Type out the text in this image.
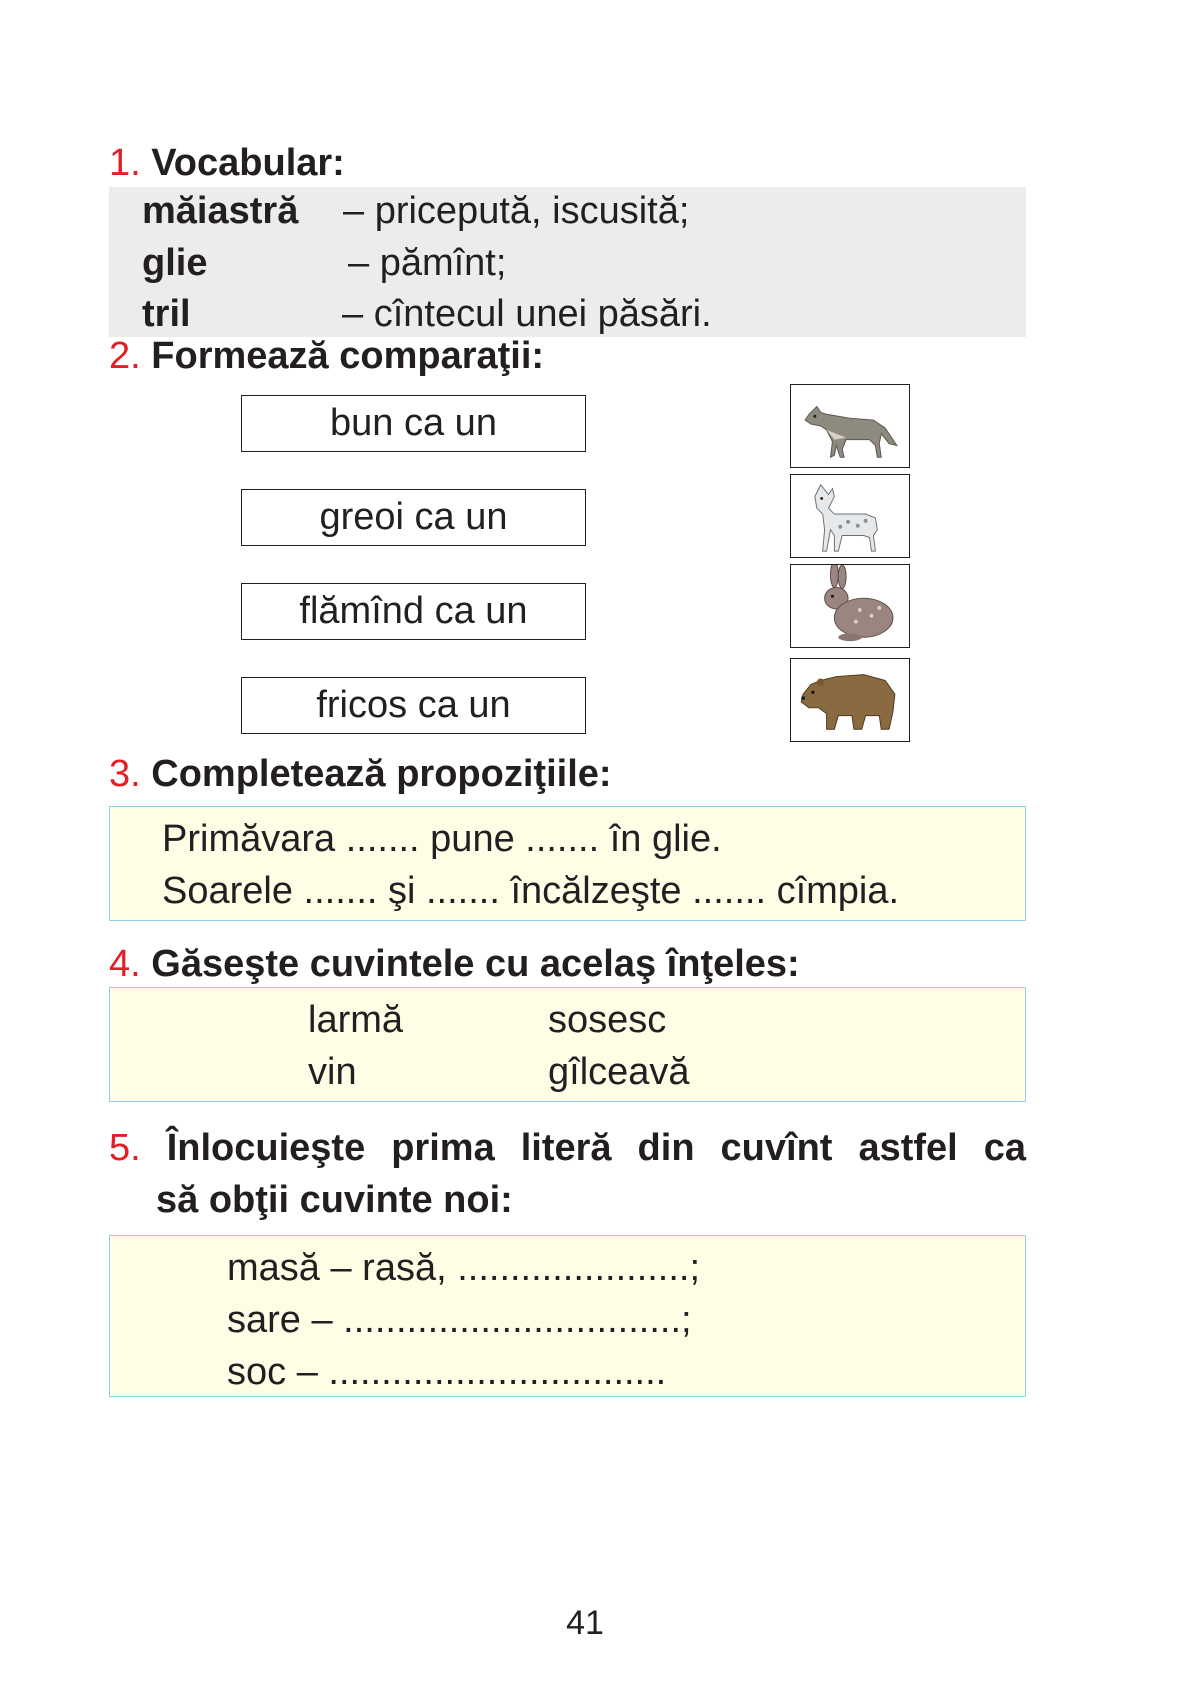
1. Vocabular:
măiastră – pricepută, iscusită;
glie	– pămînt;
tril	– cîntecul unei păsări.
2. Formează comparaţii:
bun ca un
greoi ca un
flămînd ca un
fricos ca un
3. Completează propoziţiile:
Primăvara ....... pune ....... în glie.
Soarele ....... şi ....... încălzeşte ....... cîmpia.
4. Găseşte cuvintele cu acelaş înţeles:
larmă
vin
sosesc
gîlceavă
5. Înlocuieşte prima literă din cuvînt astfel ca
să obţii cuvinte noi:
masă – rasă, ......................;
sare – ................................;
soc – ................................
41
